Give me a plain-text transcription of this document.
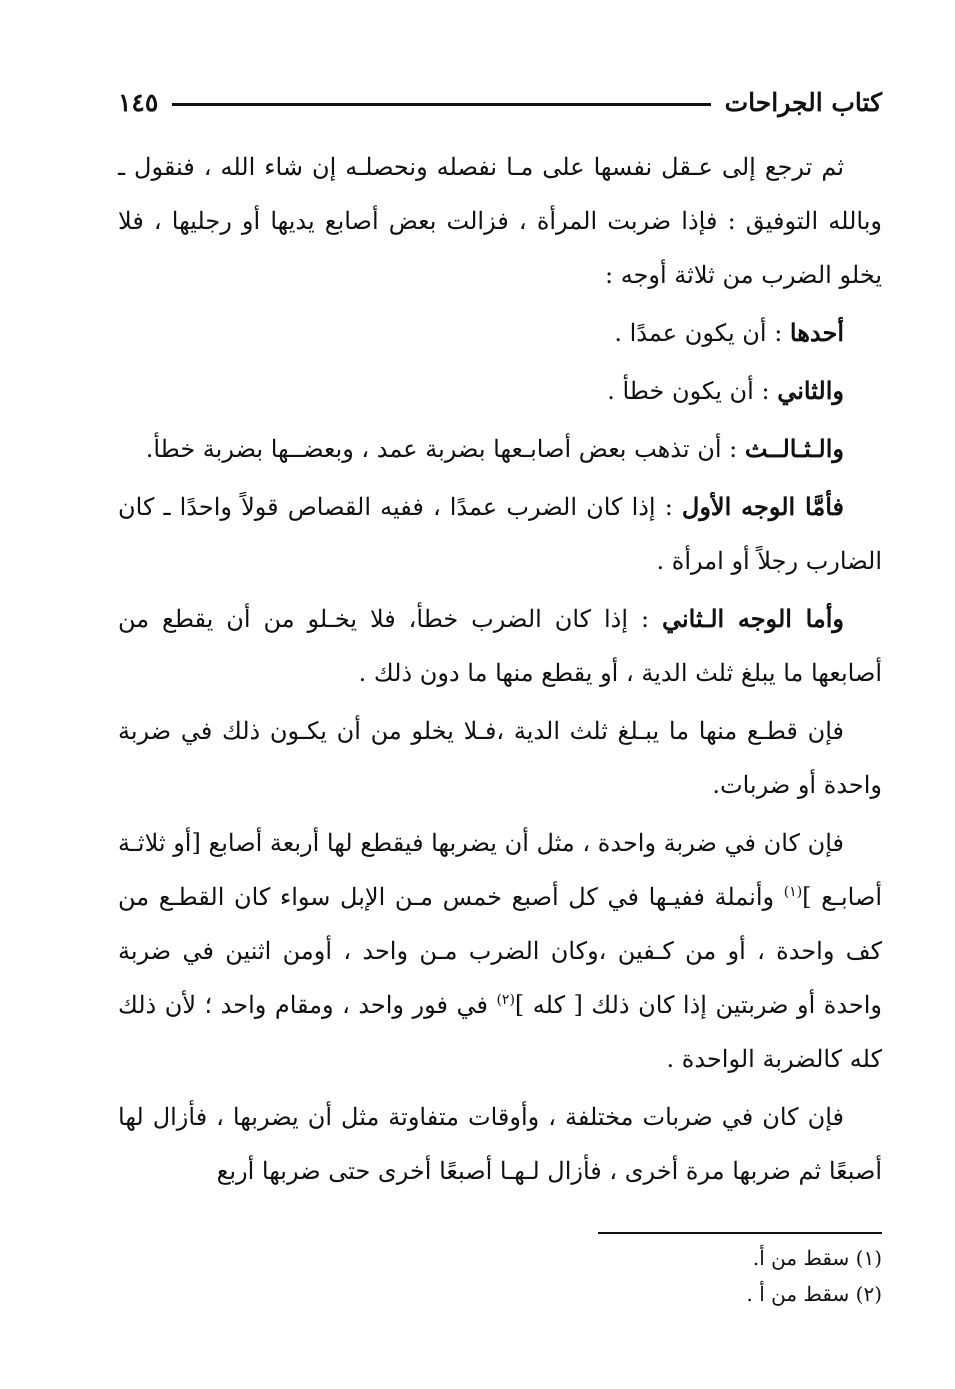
كتاب الجراحات
١٤٥

ثم ترجع إلى عـقل نفسها على مـا نفصله ونحصلـه إن شاء الله ، فنقول ـ وبالله التوفيق : فإذا ضربت المرأة ، فزالت بعض أصابع يديها أو رجليها ، فلا يخلو الضرب من ثلاثة أوجه :

أحدها : أن يكون عمدًا .

والثاني : أن يكون خطأ .

والـثـالــث : أن تذهب بعض أصابـعها بضربة عمد ، وبعضــها بضربة خطأ.

فأمَّا الوجه الأول : إذا كان الضرب عمدًا ، ففيه القصاص قولاً واحدًا ـ كان الضارب رجلاً أو امرأة .

وأما الوجه الـثاني : إذا كان الضرب خطأ، فلا يخـلو من أن يقطع من أصابعها ما يبلغ ثلث الدية ، أو يقطع منها ما دون ذلك .

فإن قطـع منها ما يبـلغ ثلث الدية ،فـلا يخلو من أن يكـون ذلك في ضربة واحدة أو ضربات.

فإن كان في ضربة واحدة ، مثل أن يضربها فيقطع لها أربعة أصابع [أو ثلاثـة أصابـع ]$^{(١)}$ وأنملة ففيـها في كل أصبع خمس مـن الإبل سواء كان القطـع من كف واحدة ، أو من كـفين ،وكان الضرب مـن واحد ، أومن اثنين في ضربة واحدة أو ضربتين إذا كان ذلك [ كله ]$^{(٢)}$ في فور واحد ، ومقام واحد ؛ لأن ذلك كله كالضربة الواحدة .

فإن كان في ضربات مختلفة ، وأوقات متفاوتة مثل أن يضربها ، فأزال لها أصبعًا ثم ضربها مرة أخرى ، فأزال لـهـا أصبعًا أخرى حتى ضربها أربع

(١) سقط من أ.

(٢) سقط من أ .
